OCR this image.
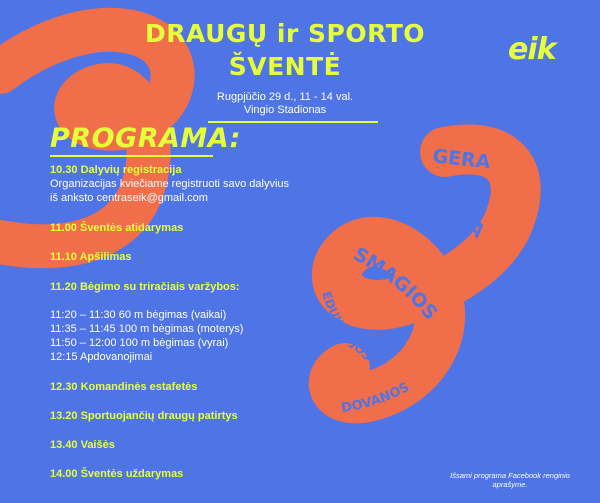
GERA
MUZIKA
SMAGIOS
EDUKACIJOS	STAIGMENOS
DOVANOS
DRAUGŲ ir SPORTO
ŠVENTĖ
Rugpjūčio 29 d., 11 - 14 val.
Vingio Stadionas
eik
PROGRAMA:
10.30 Dalyvių registracija
Organizacijas kviečiame registruoti savo dalyvius
iš anksto centraseik@gmail.com
11.00 Šventės atidarymas
11.10 Apšilimas
11.20 Bėgimo su triračiais varžybos:
11:20 – 11:30 60 m bėgimas (vaikai)
11:35 – 11:45 100 m bėgimas (moterys)
11:50 – 12:00 100 m bėgimas (vyrai)
12:15 Apdovanojimai
12.30 Komandinės estafetės
13.20 Sportuojančių draugų patirtys
13.40 Vaišės
14.00 Šventės uždarymas	Išsami programa Facebook renginio
aprašyme.
